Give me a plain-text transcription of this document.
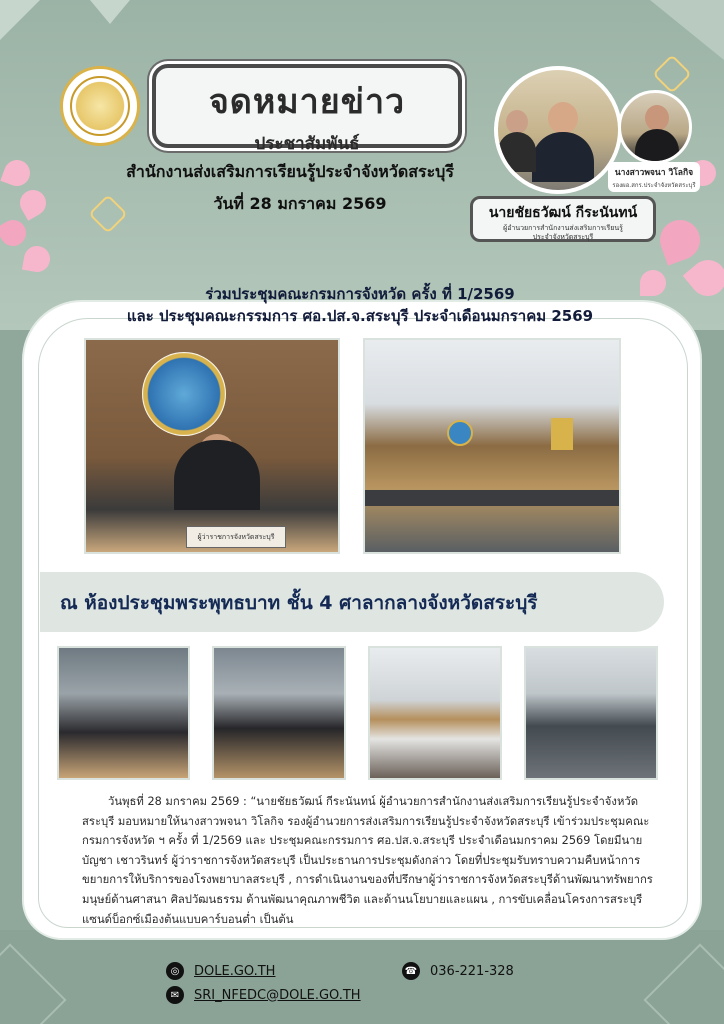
จดหมายข่าว
ประชาสัมพันธ์
สำนักงานส่งเสริมการเรียนรู้ประจำจังหวัดสระบุรี
วันที่ 28 มกราคม 2569
นางสาวพจนา วิโลกิจ
รองผอ.สกร.ประจำจังหวัดสระบุรี
นายชัยธวัฒน์ กีระนันทน์
ผู้อำนวยการสำนักงานส่งเสริมการเรียนรู้
ประจำจังหวัดสระบุรี
ร่วมประชุมคณะกรมการจังหวัด ครั้ง ที่ 1/2569
และ ประชุมคณะกรรมการ ศอ.ปส.จ.สระบุรี ประจำเดือนมกราคม 2569
ผู้ว่าราชการจังหวัดสระบุรี
ณ ห้องประชุมพระพุทธบาท ชั้น 4 ศาลากลางจังหวัดสระบุรี
วันพุธที่ 28 มกราคม 2569 : “นายชัยธวัฒน์ กีระนันทน์ ผู้อำนวยการสำนักงานส่งเสริมการเรียนรู้ประจำจังหวัดสระบุรี มอบหมายให้นางสาวพจนา วิโลกิจ รองผู้อำนวยการส่งเสริมการเรียนรู้ประจำจังหวัดสระบุรี เข้าร่วมประชุมคณะกรมการจังหวัด ฯ ครั้ง ที่ 1/2569 และ ประชุมคณะกรรมการ ศอ.ปส.จ.สระบุรี ประจำเดือนมกราคม 2569 โดยมีนายบัญชา เชาวรินทร์ ผู้ว่าราชการจังหวัดสระบุรี เป็นประธานการประชุมดังกล่าว โดยที่ประชุมรับทราบความคืบหน้าการขยายการให้บริการของโรงพยาบาลสระบุรี , การดำเนินงานของที่ปรึกษาผู้ว่าราชการจังหวัดสระบุรีด้านพัฒนาทรัพยากรมนุษย์ด้านศาสนา ศิลปวัฒนธรรม ด้านพัฒนาคุณภาพชีวิต และด้านนโยบายและแผน , การขับเคลื่อนโครงการสระบุรีแซนด์บ็อกซ์เมืองต้นแบบคาร์บอนต่ำ เป็นต้น
◎	DOLE.GO.TH
✉	SRI_NFEDC@DOLE.GO.TH
☎ 036-221-328
